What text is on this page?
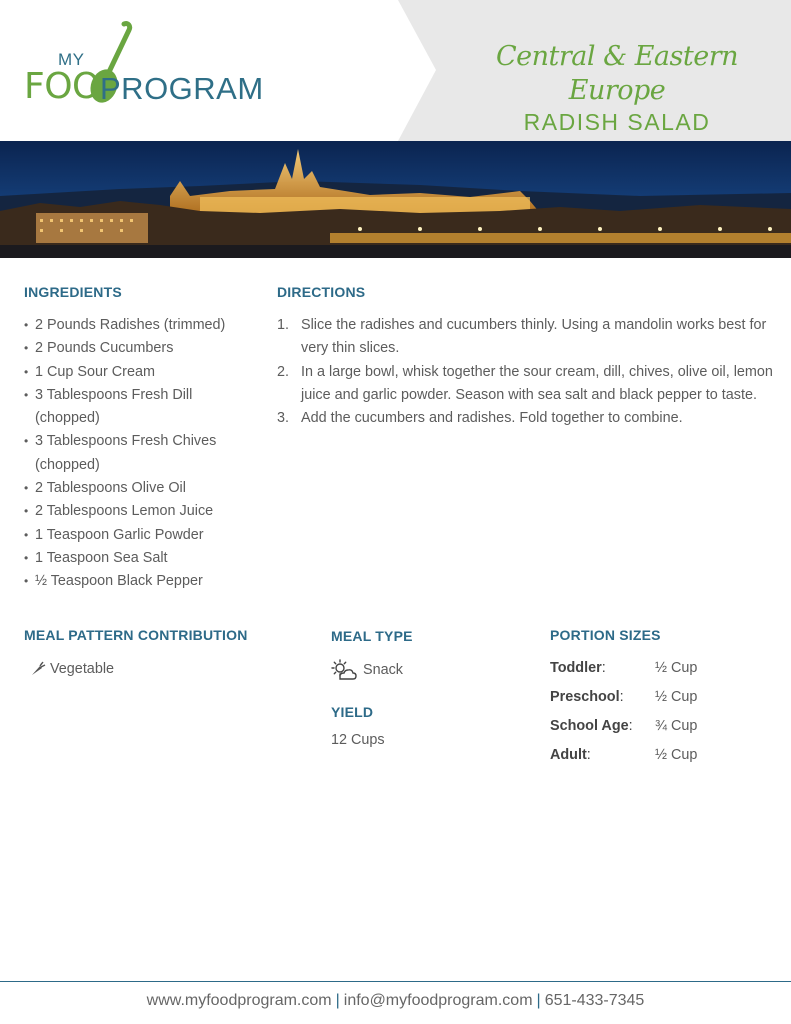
MY
FOO PROGRAM
Central & Eastern Europe
RADISH SALAD
INGREDIENTS
• 2 Pounds Radishes (trimmed)
• 2 Pounds Cucumbers
• 1 Cup Sour Cream
• 3 Tablespoons Fresh Dill (chopped)
• 3 Tablespoons Fresh Chives (chopped)
• 2 Tablespoons Olive Oil
• 2 Tablespoons Lemon Juice
• 1 Teaspoon Garlic Powder
• 1 Teaspoon Sea Salt
• ½ Teaspoon Black Pepper
DIRECTIONS
1. Slice the radishes and cucumbers thinly. Using a mandolin works best for very thin slices.
2. In a large bowl, whisk together the sour cream, dill, chives, olive oil, lemon juice and garlic powder. Season with sea salt and black pepper to taste.
3. Add the cucumbers and radishes. Fold together to combine.
MEAL PATTERN CONTRIBUTION
Vegetable
MEAL TYPE
Snack
YIELD
12 Cups
PORTION SIZES
Toddler:	½ Cup
Preschool: ½ Cup
School Age: ¾ Cup
Adult:	½ Cup
www.myfoodprogram.com | info@myfoodprogram.com | 651-433-7345
